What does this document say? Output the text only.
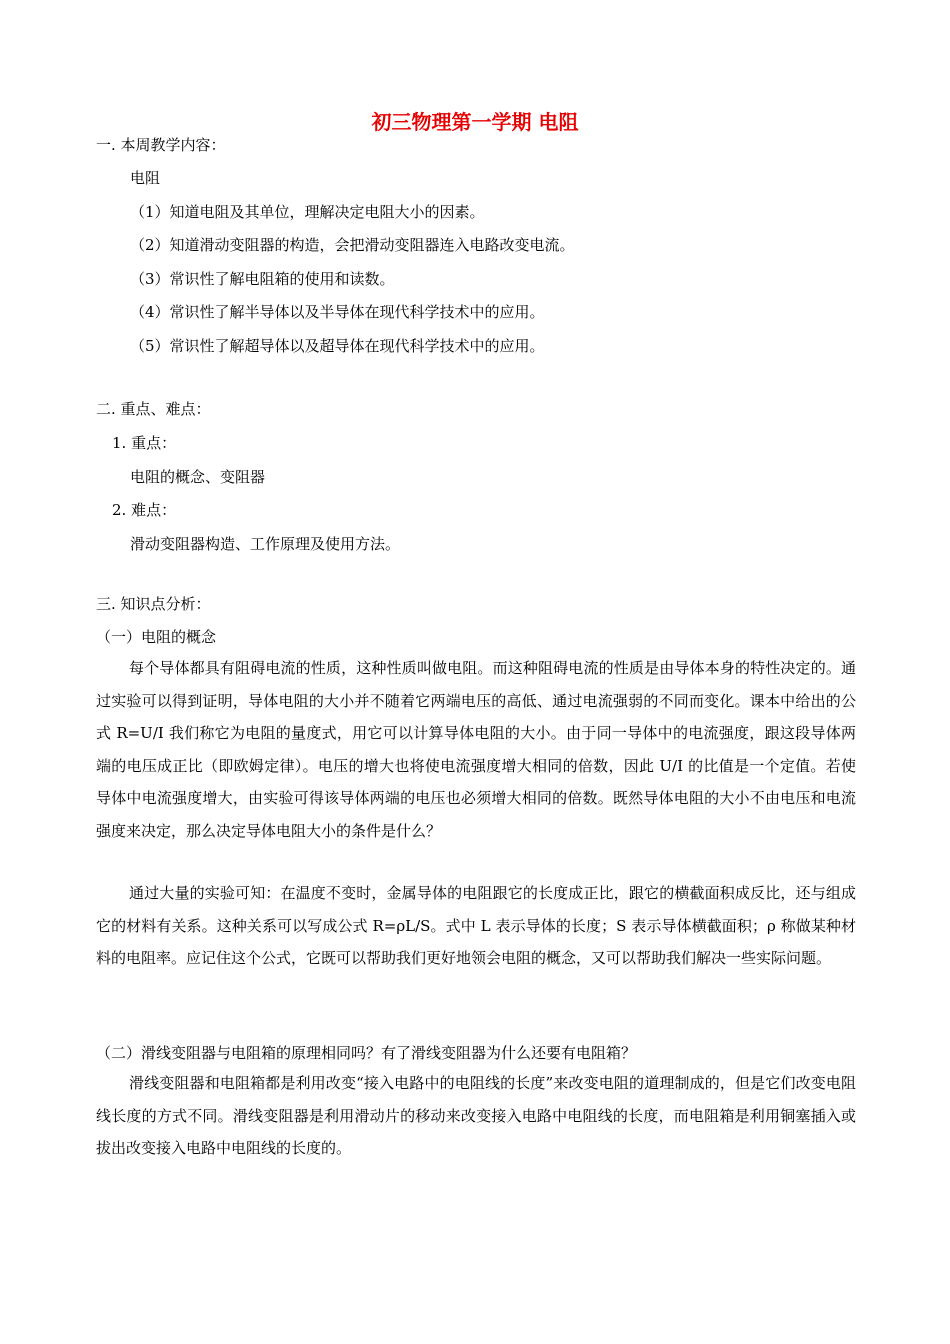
初三物理第一学期 电阻
一. 本周教学内容：
电阻
（1）知道电阻及其单位，理解决定电阻大小的因素。
（2）知道滑动变阻器的构造，会把滑动变阻器连入电路改变电流。
（3）常识性了解电阻箱的使用和读数。
（4）常识性了解半导体以及半导体在现代科学技术中的应用。
（5）常识性了解超导体以及超导体在现代科学技术中的应用。
二. 重点、难点：
1. 重点：
电阻的概念、变阻器
2. 难点：
滑动变阻器构造、工作原理及使用方法。
三. 知识点分析：
（一）电阻的概念
每个导体都具有阻碍电流的性质，这种性质叫做电阻。而这种阻碍电流的性质是由导体本身的特性决定的。通过实验可以得到证明，导体电阻的大小并不随着它两端电压的高低、通过电流强弱的不同而变化。课本中给出的公式 R=U/I 我们称它为电阻的量度式，用它可以计算导体电阻的大小。由于同一导体中的电流强度，跟这段导体两端的电压成正比（即欧姆定律）。电压的增大也将使电流强度增大相同的倍数，因此 U/I 的比值是一个定值。若使导体中电流强度增大，由实验可得该导体两端的电压也必须增大相同的倍数。既然导体电阻的大小不由电压和电流强度来决定，那么决定导体电阻大小的条件是什么？
通过大量的实验可知：在温度不变时，金属导体的电阻跟它的长度成正比，跟它的横截面积成反比，还与组成它的材料有关系。这种关系可以写成公式 R=ρL/S。式中 L 表示导体的长度；S 表示导体横截面积；ρ 称做某种材料的电阻率。应记住这个公式，它既可以帮助我们更好地领会电阻的概念，又可以帮助我们解决一些实际问题。
（二）滑线变阻器与电阻箱的原理相同吗？有了滑线变阻器为什么还要有电阻箱？
滑线变阻器和电阻箱都是利用改变“接入电路中的电阻线的长度”来改变电阻的道理制成的，但是它们改变电阻线长度的方式不同。滑线变阻器是利用滑动片的移动来改变接入电路中电阻线的长度，而电阻箱是利用铜塞插入或拔出改变接入电路中电阻线的长度的。
